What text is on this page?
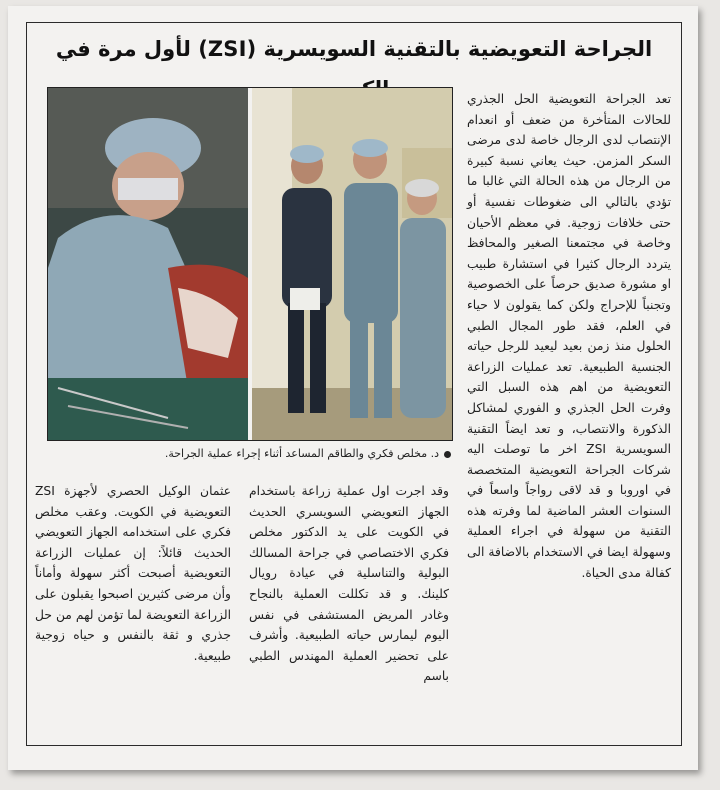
الجراحة التعويضية بالتقنية السويسرية (ZSI) لأول مرة في

تعد الجراحة التعويضية الحل الجذري للحالات المتأخرة من ضعف أو انعدام الإنتصاب لدى الرجال خاصة لدى مرضى السكر المزمن. حيث يعاني نسبة كبيرة من الرجال من هذه الحالة التي غالبا ما تؤدي بالتالي الى ضغوطات نفسية أو حتى خلافات زوجية. في معظم الأحيان وخاصة في مجتمعنا الصغير والمحافظ يتردد الرجال كثيرا في استشارة طبيب او مشورة صديق حرصاً على الخصوصية وتجنباً للإحراج ولكن كما يقولون لا حياء في العلم، فقد طور المجال الطبي الحلول منذ زمن بعيد ليعيد للرجل حياته الجنسية الطبيعية. تعد عمليات الزراعة التعويضية من اهم هذه السبل التي وفرت الحل الجذري و الفوري لمشاكل الذكورة والانتصاب، و تعد ايضاً التقنية السويسرية ZSI اخر ما توصلت اليه شركات الجراحة التعويضية المتخصصة في اوروبا و قد لاقى رواجاً واسعاً في السنوات العشر الماضية لما وفرته هذه التقنية من سهولة في اجراء العملية وسهولة ايضا في الاستخدام بالاضافة الى كفالة مدى الحياة.

د. مخلص فكري والطاقم المساعد أثناء إجراء عملية الجراحة.

وقد اجرت اول عملية زراعة باستخدام الجهاز التعويضي السويسري الحديث في الكويت على يد الدكتور مخلص فكري الاختصاصي في جراحة المسالك البولية والتناسلية في عيادة رويال كلينك. و قد تكللت العملية بالنجاح وغادر المريض المستشفى في نفس اليوم ليمارس حياته الطبيعية. وأشرف على تحضير العملية المهندس الطبي باسم

عثمان الوكيل الحصري لأجهزة ZSI التعويضية في الكويت. وعقب مخلص فكري على استخدامه الجهاز التعويضي الحديث قائلاً: إن عمليات الزراعة التعويضية أصبحت أكثر سهولة وأماناً وأن مرضى كثيرين اصبحوا يقبلون على الزراعة التعويضة لما تؤمن لهم من حل جذري و ثقة بالنفس و حياه زوجية طبيعية.
